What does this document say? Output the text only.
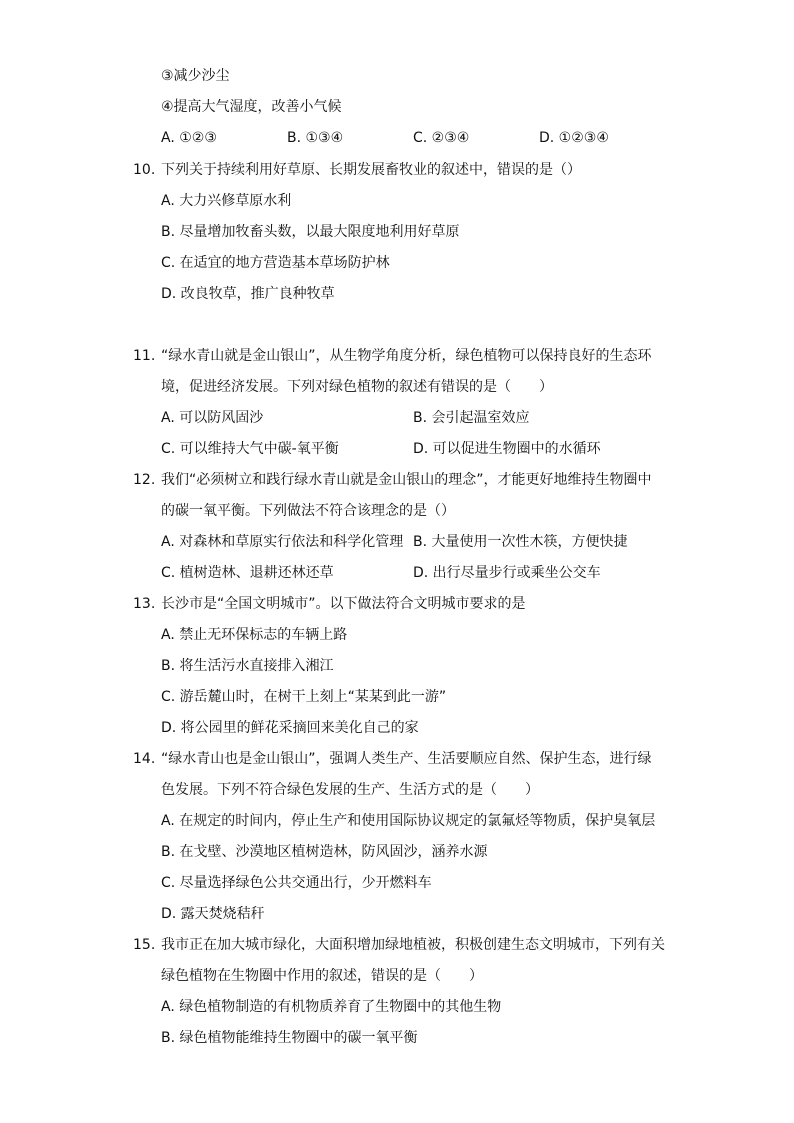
③减少沙尘
④提高大气湿度，改善小气候
A. ①②③	B. ①③④	C. ②③④	D. ①②③④
10. 下列关于持续利用好草原、长期发展畜牧业的叙述中，错误的是（）
A. 大力兴修草原水利
B. 尽量增加牧畜头数，以最大限度地利用好草原
C. 在适宜的地方营造基本草场防护林
D. 改良牧草，推广良种牧草
11. “绿水青山就是金山银山”，从生物学角度分析，绿色植物可以保持良好的生态环
境，促进经济发展。下列对绿色植物的叙述有错误的是（　　）
A. 可以防风固沙	B. 会引起温室效应
C. 可以维持大气中碳-氧平衡	D. 可以促进生物圈中的水循环
12. 我们“必须树立和践行绿水青山就是金山银山的理念”，才能更好地维持生物圈中
的碳一氧平衡。下列做法不符合该理念的是（）
A. 对森林和草原实行依法和科学化管理 B. 大量使用一次性木筷，方便快捷
C. 植树造林、退耕还林还草	D. 出行尽量步行或乘坐公交车
13. 长沙市是“全国文明城市”。以下做法符合文明城市要求的是
A. 禁止无环保标志的车辆上路
B. 将生活污水直接排入湘江
C. 游岳麓山时，在树干上刻上“某某到此一游”
D. 将公园里的鲜花采摘回来美化自己的家
14. “绿水青山也是金山银山”，强调人类生产、生活要顺应自然、保护生态，进行绿
色发展。下列不符合绿色发展的生产、生活方式的是（　　）
A. 在规定的时间内，停止生产和使用国际协议规定的氯氟烃等物质，保护臭氧层
B. 在戈壁、沙漠地区植树造林，防风固沙，涵养水源
C. 尽量选择绿色公共交通出行，少开燃料车
D. 露天焚烧秸秆
15. 我市正在加大城市绿化，大面积增加绿地植被，积极创建生态文明城市，下列有关
绿色植物在生物圈中作用的叙述，错误的是（　　）
A. 绿色植物制造的有机物质养育了生物圈中的其他生物
B. 绿色植物能维持生物圈中的碳一氧平衡
